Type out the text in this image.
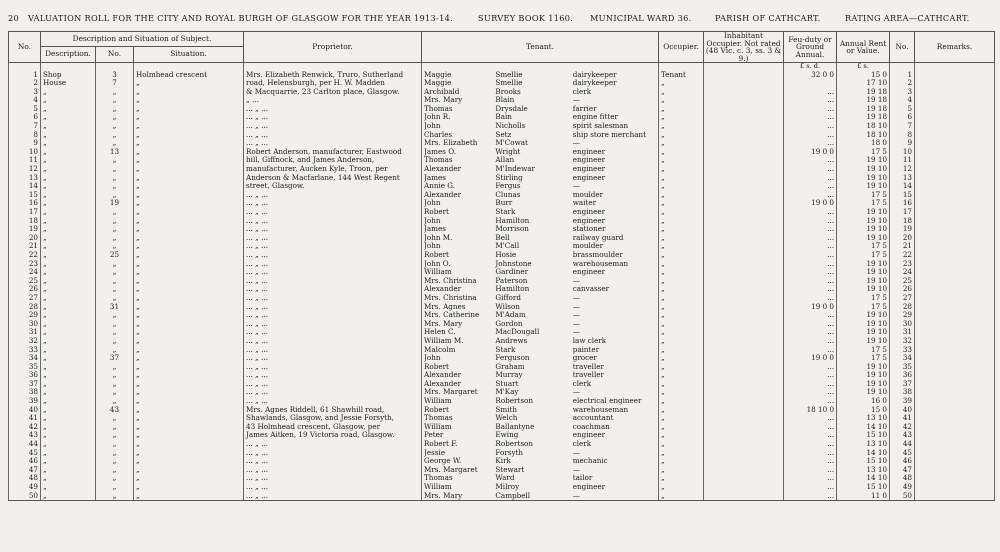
20 VALUATION ROLL FOR THE CITY AND ROYAL BURGH OF GLASGOW FOR THE YEAR 1913-14.	SURVEY BOOK 1160. MUNICIPAL WARD 36.	PARISH OF CATHCART.	RATING AREA—CATHCART.
No.	Description and Situation of Subject.			Proprietor.	Tenant.	Occupier.	Inhabitant Occupier. Not rated (48 Vic. c. 3, ss. 3 & 9.)	Feu-duty or Ground Annual.	Annual Rent or Value.	No.	Remarks.
	Description.	No.	Situation.								
								£ s. d.	£ s.		
1	Shop	3	Holmhead crescent	Mrs. Elizabeth Renwick, Truro, Sutherland	Maggie Smellie dairykeeper	Tenant		32 0 0	15 0	1	
2	House	7	„	road, Helensburgh, per H. W. Madden	Maggie Smellie dairykeeper	„			17 10	2	
3	„	„	„	& Macquarrie, 23 Carlton place, Glasgow.	Archibald Brooks clerk	„		...	19 18	3	
4	„	„	„	„ ...	Mrs. Mary Blain —	„		...	19 18	4	
5	„	„	„	... „ ...	Thomas Drysdale farrier	„		...	19 18	5	
6	„	„	„	... „ ...	John R. Bain engine fitter	„		...	19 18	6	
7	„	„	„	... „ ...	John Nicholls spirit salesman	„		...	18 10	7	
8	„	„	„	... „ ...	Charles Setz ship store merchant	„		...	18 10	8	
9	„	„	„	... „ ...	Mrs. Elizabeth M'Cowat —	„		...	18 0	9	
10	„	13	„	Robert Anderson, manufacturer, Eastwood	James O. Wright engineer	„		19 0 0	17 5	10	
11	„	„	„	hill, Giffnock, and James Anderson,	Thomas Allan engineer	„		...	19 10	11	
12	„	„	„	manufacturer, Aucken Kyle, Troon, per	Alexander M'Indewar engineer	„		...	19 10	12	
13	„	„	„	Anderson & Macfarlane, 144 West Regent	James Stirling engineer	„		...	19 10	13	
14	„	„	„	street, Glasgow.	Annie G. Fergus —	„		...	19 10	14	
15	„	„	„	... „ ...	Alexander Clunas moulder	„		...	17 5	15	
16	„	19	„	... „ ...	John Burr waiter	„		19 0 0	17 5	16	
17	„	„	„	... „ ...	Robert Stark engineer	„		...	19 10	17	
18	„	„	„	... „ ...	John Hamilton engineer	„		...	19 10	18	
19	„	„	„	... „ ...	James Morrison stationer	„		...	19 10	19	
20	„	„	„	... „ ...	John M. Bell railway guard	„		...	19 10	20	
21	„	„	„	... „ ...	John M'Call moulder	„		...	17 5	21	
22	„	25	„	... „ ...	Robert Hosie brassmoulder	„		...	17 5	22	
23	„	„	„	... „ ...	John O. Johnstone warehouseman	„		...	19 10	23	
24	„	„	„	... „ ...	William Gardiner engineer	„		...	19 10	24	
25	„	„	„	... „ ...	Mrs. Christina Paterson —	„		...	19 10	25	
26	„	„	„	... „ ...	Alexander Hamilton canvasser	„		...	19 10	26	
27	„	„	„	... „ ...	Mrs. Christina Gifford —	„		...	17 5	27	
28	„	31	„	... „ ...	Mrs. Agnes Wilson —	„		19 0 0	17 5	28	
29	„	„	„	... „ ...	Mrs. Catherine M'Adam —	„		...	19 10	29	
30	„	„	„	... „ ...	Mrs. Mary Gordon —	„		...	19 10	30	
31	„	„	„	... „ ...	Helen C. MacDougall —	„		...	19 10	31	
32	„	„	„	... „ ...	William M. Andrews law clerk	„		...	19 10	32	
33	„	„	„	... „ ...	Malcolm Stark painter	„		...	17 5	33	
34	„	37	„	... „ ...	John Ferguson grocer	„		19 0 0	17 5	34	
35	„	„	„	... „ ...	Robert Graham traveller	„		...	19 10	35	
36	„	„	„	... „ ...	Alexander Murray traveller	„		...	19 10	36	
37	„	„	„	... „ ...	Alexander Stuart clerk	„		...	19 10	37	
38	„	„	„	... „ ...	Mrs. Margaret M'Kay —	„		...	19 10	38	
39	„	„	„	... „ ...	William Robertson electrical engineer	„		...	16 0	39	
40	„	43	„	Mrs. Agnes Riddell, 61 Shawhill road,	Robert Smith warehouseman	„		18 10 0	15 0	40	
41	„	„	„	Shawlands, Glasgow, and Jessie Forsyth,	Thomas Welch accountant	„		...	13 10	41	
42	„	„	„	43 Holmhead crescent, Glasgow, per	William Ballantyne coachman	„		...	14 10	42	
43	„	„	„	James Aitken, 19 Victoria road, Glasgow.	Peter Ewing engineer	„		...	15 10	43	
44	„	„	„	... „ ...	Robert F. Robertson clerk	„		...	13 10	44	
45	„	„	„	... „ ...	Jessie Forsyth —	„		...	14 10	45	
46	„	„	„	... „ ...	George W. Kirk mechanic	„		...	15 10	46	
47	„	„	„	... „ ...	Mrs. Margaret Stewart —	„		...	13 10	47	
48	„	„	„	... „ ...	Thomas Ward tailor	„		...	14 10	48	
49	„	„	„	... „ ...	William Milroy engineer	„		...	15 10	49	
50	„	„	„	... „ ...	Mrs. Mary Campbell —	„		...	11 0	50	
